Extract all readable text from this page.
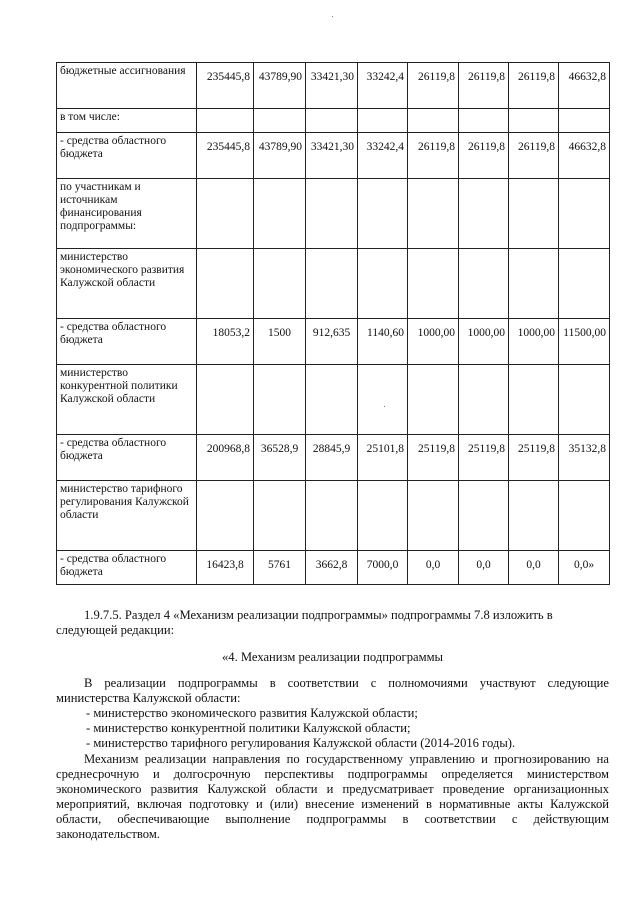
бюджетные ассигнования	235445,8	43789,90	33421,30	33242,4	26119,8	26119,8	26119,8	46632,8
в том числе:								
- средства областного бюджета	235445,8	43789,90	33421,30	33242,4	26119,8	26119,8	26119,8	46632,8
по участникам и источникам финансирования подпрограммы:								
министерство экономического развития Калужской области								
- средства областного бюджета	18053,2	1500	912,635	1140,60	1000,00	1000,00	1000,00	11500,00
министерство конкурентной политики Калужской области								
- средства областного бюджета	200968,8	36528,9	28845,9	25101,8	25119,8	25119,8	25119,8	35132,8
министерство тарифного регулирования Калужской области								
- средства областного бюджета	16423,8	5761	3662,8	7000,0	0,0	0,0	0,0	0,0»
1.9.7.5. Раздел 4 «Механизм реализации подпрограммы» подпрограммы 7.8 изложить в следующей редакции:
«4. Механизм реализации подпрограммы
В реализации подпрограммы в соответствии с полномочиями участвуют следующие министерства Калужской области:
- министерство экономического развития Калужской области;
- министерство конкурентной политики Калужской области;
- министерство тарифного регулирования Калужской области (2014-2016 годы).
Механизм реализации направления по государственному управлению и прогнозированию на среднесрочную и долгосрочную перспективы подпрограммы определяется министерством экономического развития Калужской области и предусматривает проведение организационных мероприятий, включая подготовку и (или) внесение изменений в нормативные акты Калужской области, обеспечивающие выполнение подпрограммы в соответствии с действующим законодательством.
